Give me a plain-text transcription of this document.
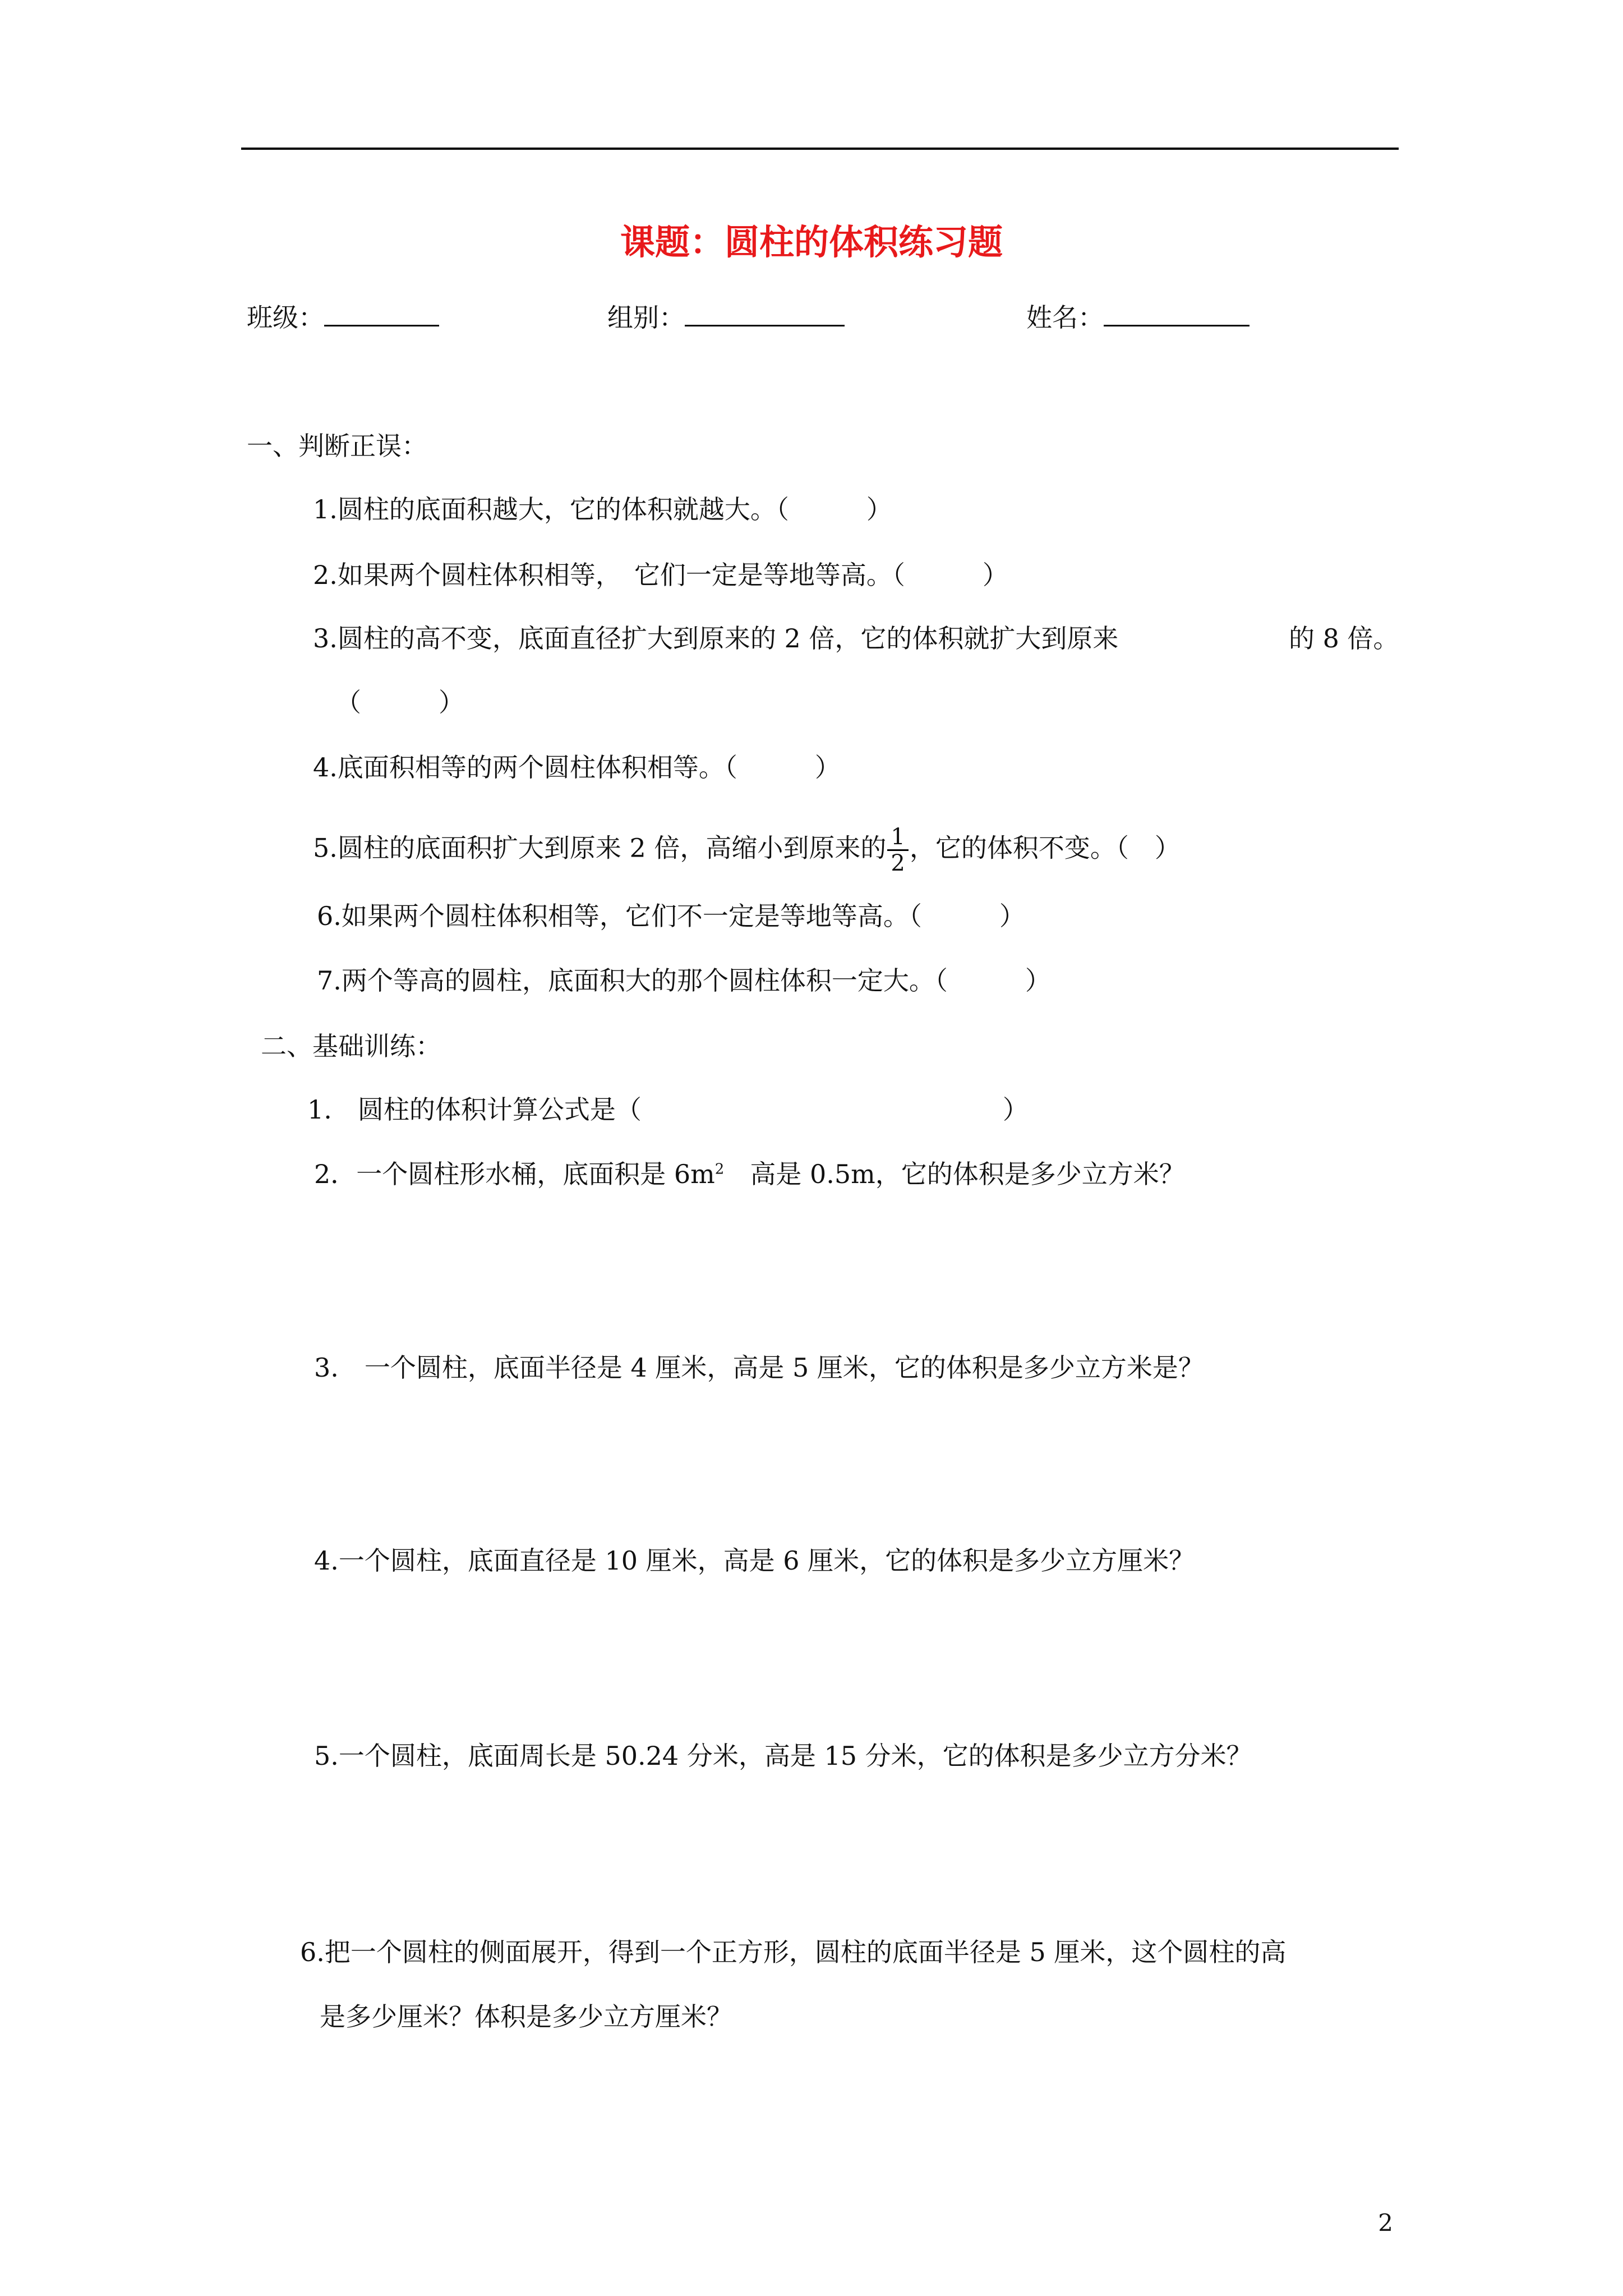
课题：圆柱的体积练习题
班级：	组别：	姓名：
一、判断正误：
1.圆柱的底面积越大，它的体积就越大。（　　　）
2.如果两个圆柱体积相等，　它们一定是等地等高。（　　　）
3.圆柱的高不变，底面直径扩大到原来的 2 倍，它的体积就扩大到原来	的 8 倍。
（　　　）
4.底面积相等的两个圆柱体积相等。（　　　）
5.圆柱的底面积扩大到原来 2 倍，高缩小到原来的 $\frac{1}{2}$ ，它的体积不变。（　）
6.如果两个圆柱体积相等，它们不一定是等地等高。（　　　）
7.两个等高的圆柱，底面积大的那个圆柱体积一定大。（　　　）
二、基础训练：
1.　圆柱的体积计算公式是（　　　　　　　　　　　　　　）
2．一个圆柱形水桶，底面积是 $6m^2$　高是 0.5m，它的体积是多少立方米？
3.　一个圆柱，底面半径是 4 厘米，高是 5 厘米，它的体积是多少立方米是？
4.一个圆柱，底面直径是 10 厘米，高是 6 厘米，它的体积是多少立方厘米？
5.一个圆柱，底面周长是 50.24 分米，高是 15 分米，它的体积是多少立方分米？
6.把一个圆柱的侧面展开，得到一个正方形，圆柱的底面半径是 5 厘米，这个圆柱的高
是多少厘米？体积是多少立方厘米？
2
